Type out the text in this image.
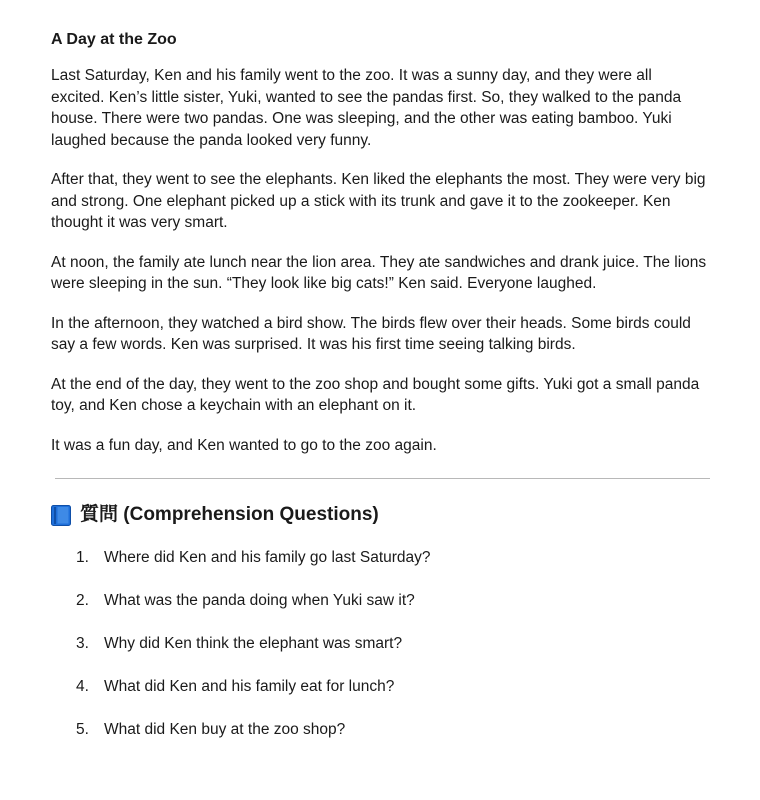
A Day at the Zoo

Last Saturday, Ken and his family went to the zoo. It was a sunny day, and they were all excited. Ken’s little sister, Yuki, wanted to see the pandas first. So, they walked to the panda house. There were two pandas. One was sleeping, and the other was eating bamboo. Yuki laughed because the panda looked very funny.

After that, they went to see the elephants. Ken liked the elephants the most. They were very big and strong. One elephant picked up a stick with its trunk and gave it to the zookeeper. Ken thought it was very smart.

At noon, the family ate lunch near the lion area. They ate sandwiches and drank juice. The lions were sleeping in the sun. “They look like big cats!” Ken said. Everyone laughed.

In the afternoon, they watched a bird show. The birds flew over their heads. Some birds could say a few words. Ken was surprised. It was his first time seeing talking birds.

At the end of the day, they went to the zoo shop and bought some gifts. Yuki got a small panda toy, and Ken chose a keychain with an elephant on it.

It was a fun day, and Ken wanted to go to the zoo again.

質問 (Comprehension Questions)
1. Where did Ken and his family go last Saturday?
2. What was the panda doing when Yuki saw it?
3. Why did Ken think the elephant was smart?
4. What did Ken and his family eat for lunch?
5. What did Ken buy at the zoo shop?
